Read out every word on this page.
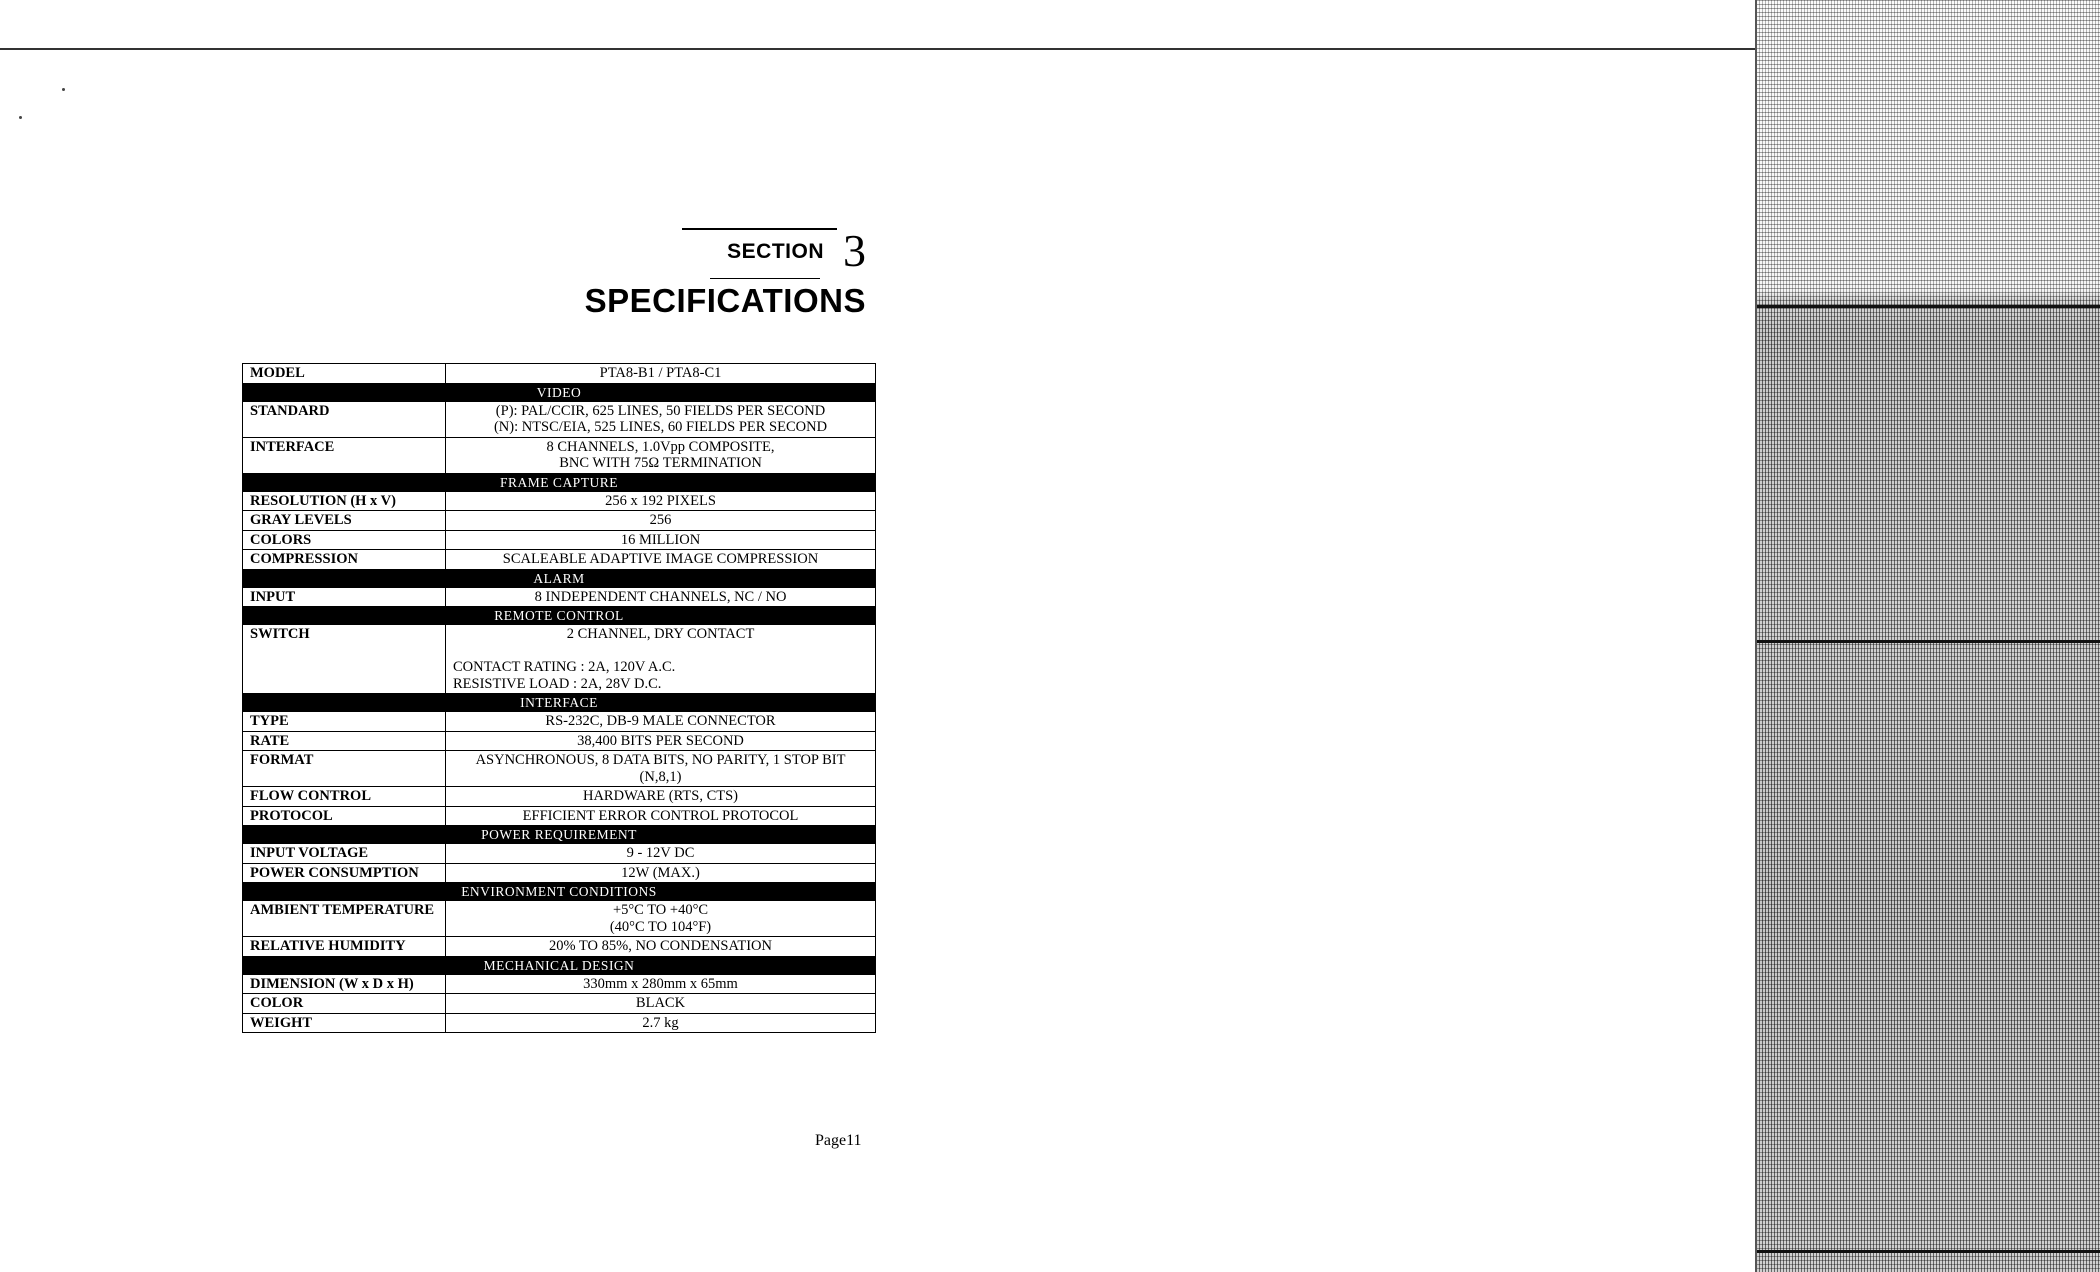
SECTION 3
SPECIFICATIONS
MODEL	PTA8-B1 / PTA8-C1

VIDEO	
STANDARD	(P): PAL/CCIR, 625 LINES, 50 FIELDS PER SECOND
(N): NTSC/EIA, 525 LINES, 60 FIELDS PER SECOND

INTERFACE	8 CHANNELS, 1.0Vpp COMPOSITE,
BNC WITH 75Ω TERMINATION

FRAME CAPTURE	
RESOLUTION (H x V)	256 x 192 PIXELS

GRAY LEVELS	256

COLORS	16 MILLION

COMPRESSION	SCALEABLE ADAPTIVE IMAGE COMPRESSION

ALARM	
INPUT	8 INDEPENDENT CHANNELS, NC / NO

REMOTE CONTROL	
SWITCH	2 CHANNEL, DRY CONTACT
CONTACT RATING : 2A, 120V A.C.
RESISTIVE LOAD : 2A, 28V D.C.

INTERFACE	
TYPE	RS-232C, DB-9 MALE CONNECTOR

RATE	38,400 BITS PER SECOND

FORMAT	ASYNCHRONOUS, 8 DATA BITS, NO PARITY, 1 STOP BIT
(N,8,1)

FLOW CONTROL	HARDWARE (RTS, CTS)

PROTOCOL	EFFICIENT ERROR CONTROL PROTOCOL

POWER REQUIREMENT	
INPUT VOLTAGE	9 - 12V DC

POWER CONSUMPTION	12W (MAX.)

ENVIRONMENT CONDITIONS	
AMBIENT TEMPERATURE	+5°C TO +40°C
(40°C TO 104°F)

RELATIVE HUMIDITY	20% TO 85%, NO CONDENSATION

MECHANICAL DESIGN	
DIMENSION (W x D x H)	330mm x 280mm x 65mm

COLOR	BLACK

WEIGHT	2.7 kg
Page11
